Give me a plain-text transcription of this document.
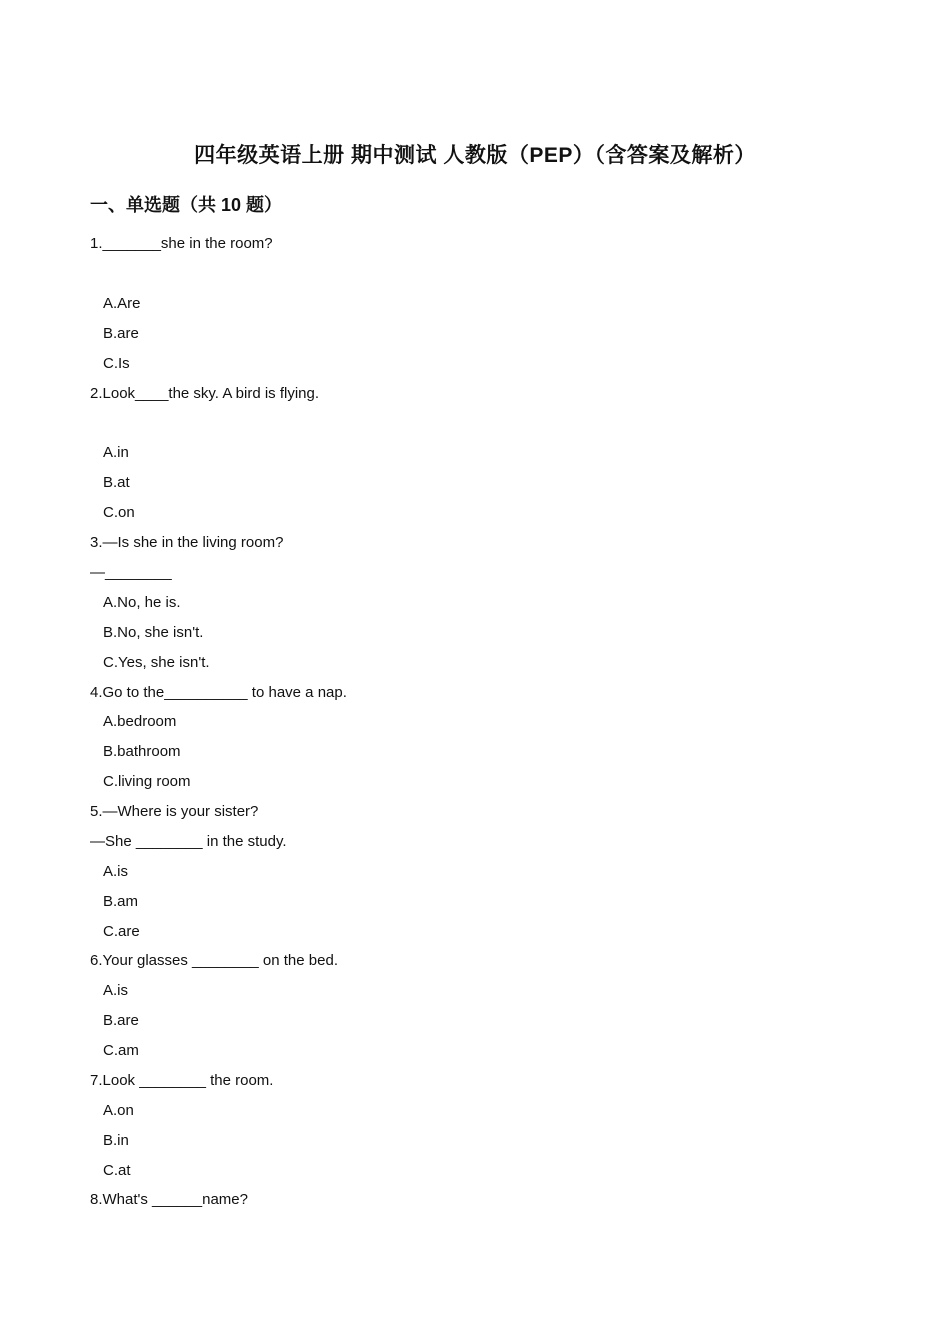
四年级英语上册 期中测试 人教版（PEP）（含答案及解析）
一、单选题（共 10 题）
1._______she in the room?
A.Are
B.are
C.Is
2.Look____the sky. A bird is flying.
A.in
B.at
C.on
3.—Is she in the living room?
—________
A.No, he is.
B.No, she isn't.
C.Yes, she isn't.
4.Go to the__________ to have a nap.
A.bedroom
B.bathroom
C.living room
5.—Where is your sister?
—She ________ in the study.
A.is
B.am
C.are
6.Your glasses ________ on the bed.
A.is
B.are
C.am
7.Look ________ the room.
A.on
B.in
C.at
8.What's ______name?
